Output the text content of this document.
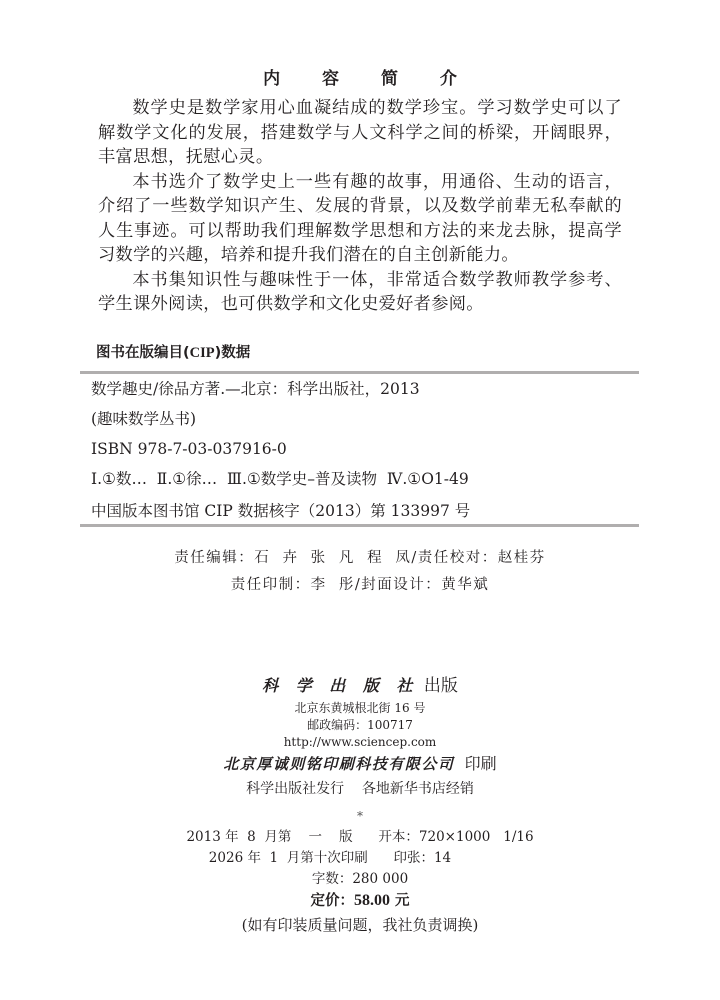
内 容 简 介

数学史是数学家用心血凝结成的数学珍宝。学习数学史可以了解数学文化的发展，搭建数学与人文科学之间的桥梁，开阔眼界，丰富思想，抚慰心灵。

本书选介了数学史上一些有趣的故事，用通俗、生动的语言，介绍了一些数学知识产生、发展的背景，以及数学前辈无私奉献的人生事迹。可以帮助我们理解数学思想和方法的来龙去脉，提高学习数学的兴趣，培养和提升我们潜在的自主创新能力。

本书集知识性与趣味性于一体，非常适合数学教师教学参考、学生课外阅读，也可供数学和文化史爱好者参阅。

图书在版编目(CIP)数据
数学趣史/徐品方著.—北京：科学出版社，2013
(趣味数学丛书)
ISBN 978-7-03-037916-0
Ⅰ.①数…  Ⅱ.①徐…  Ⅲ.①数学史–普及读物  Ⅳ.①O1-49
中国版本图书馆 CIP 数据核字（2013）第 133997 号
责任编辑：石  卉  张  凡  程  凤/责任校对：赵桂芬
责任印制：李  彤/封面设计：黄华斌
科 学 出 版 社 出版
北京东黄城根北街 16 号
邮政编码：100717
http://www.sciencep.com
北京厚诚则铭印刷科技有限公司  印刷
科学出版社发行    各地新华书店经销
*
2013 年  8  月第    一    版      开本：720×1000   1/16
2026 年  1  月第十次印刷      印张：14
字数：280 000
定价：58.00 元
(如有印装质量问题，我社负责调换)
